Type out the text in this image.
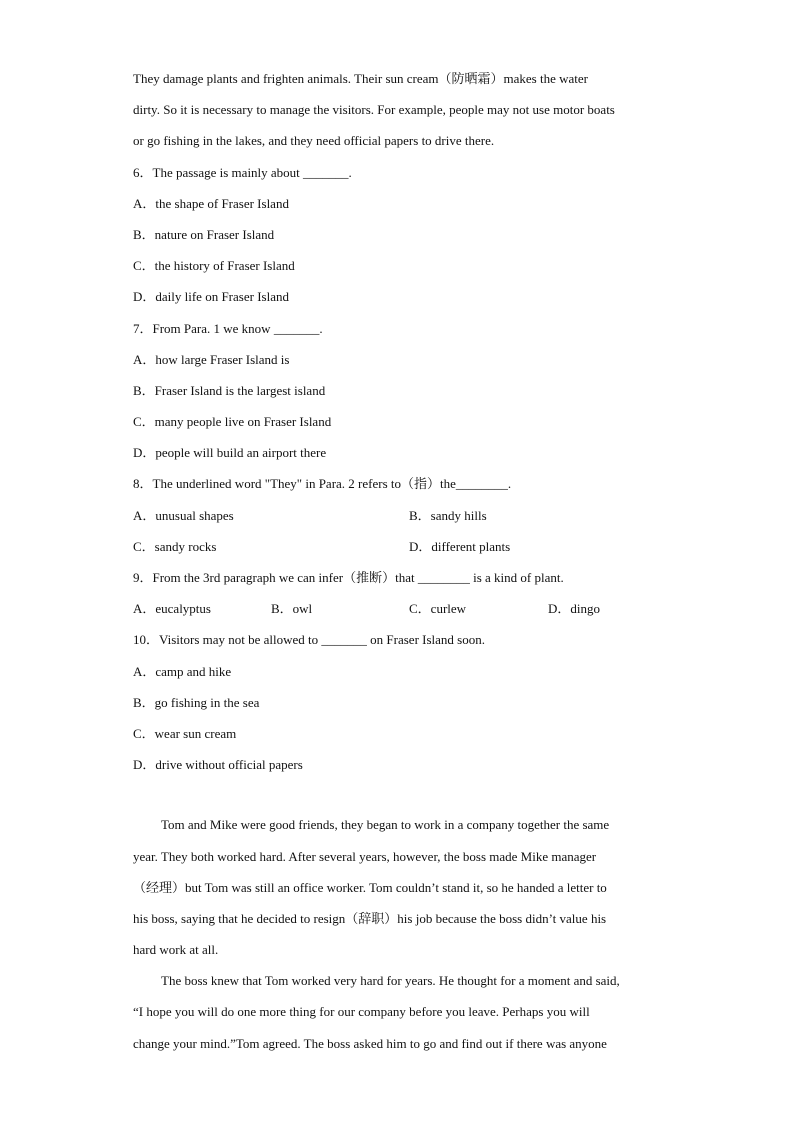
They damage plants and frighten animals. Their sun cream（防晒霜）makes the water
dirty. So it is necessary to manage the visitors. For example, people may not use motor boats
or go fishing in the lakes, and they need official papers to drive there.
6．The passage is mainly about _______.
A．the shape of Fraser Island
B．nature on Fraser Island
C．the history of Fraser Island
D．daily life on Fraser Island
7．From Para. 1 we know _______.
A．how large Fraser Island is
B．Fraser Island is the largest island
C．many people live on Fraser Island
D．people will build an airport there
8．The underlined word "They" in Para. 2 refers to（指）the________.
A．unusual shapes	B．sandy hills
C．sandy rocks	D．different plants
9．From the 3rd paragraph we can infer（推断）that ________ is a kind of plant.
A．eucalyptus	B．owl	C．curlew	D．dingo
10．Visitors may not be allowed to _______ on Fraser Island soon.
A．camp and hike
B．go fishing in the sea
C．wear sun cream
D．drive without official papers
Tom and Mike were good friends, they began to work in a company together the same
year. They both worked hard. After several years, however, the boss made Mike manager
（经理）but Tom was still an office worker. Tom couldn’t stand it, so he handed a letter to
his boss, saying that he decided to resign（辞职）his job because the boss didn’t value his
hard work at all.
The boss knew that Tom worked very hard for years. He thought for a moment and said,
“I hope you will do one more thing for our company before you leave. Perhaps you will
change your mind.”Tom agreed. The boss asked him to go and find out if there was anyone
